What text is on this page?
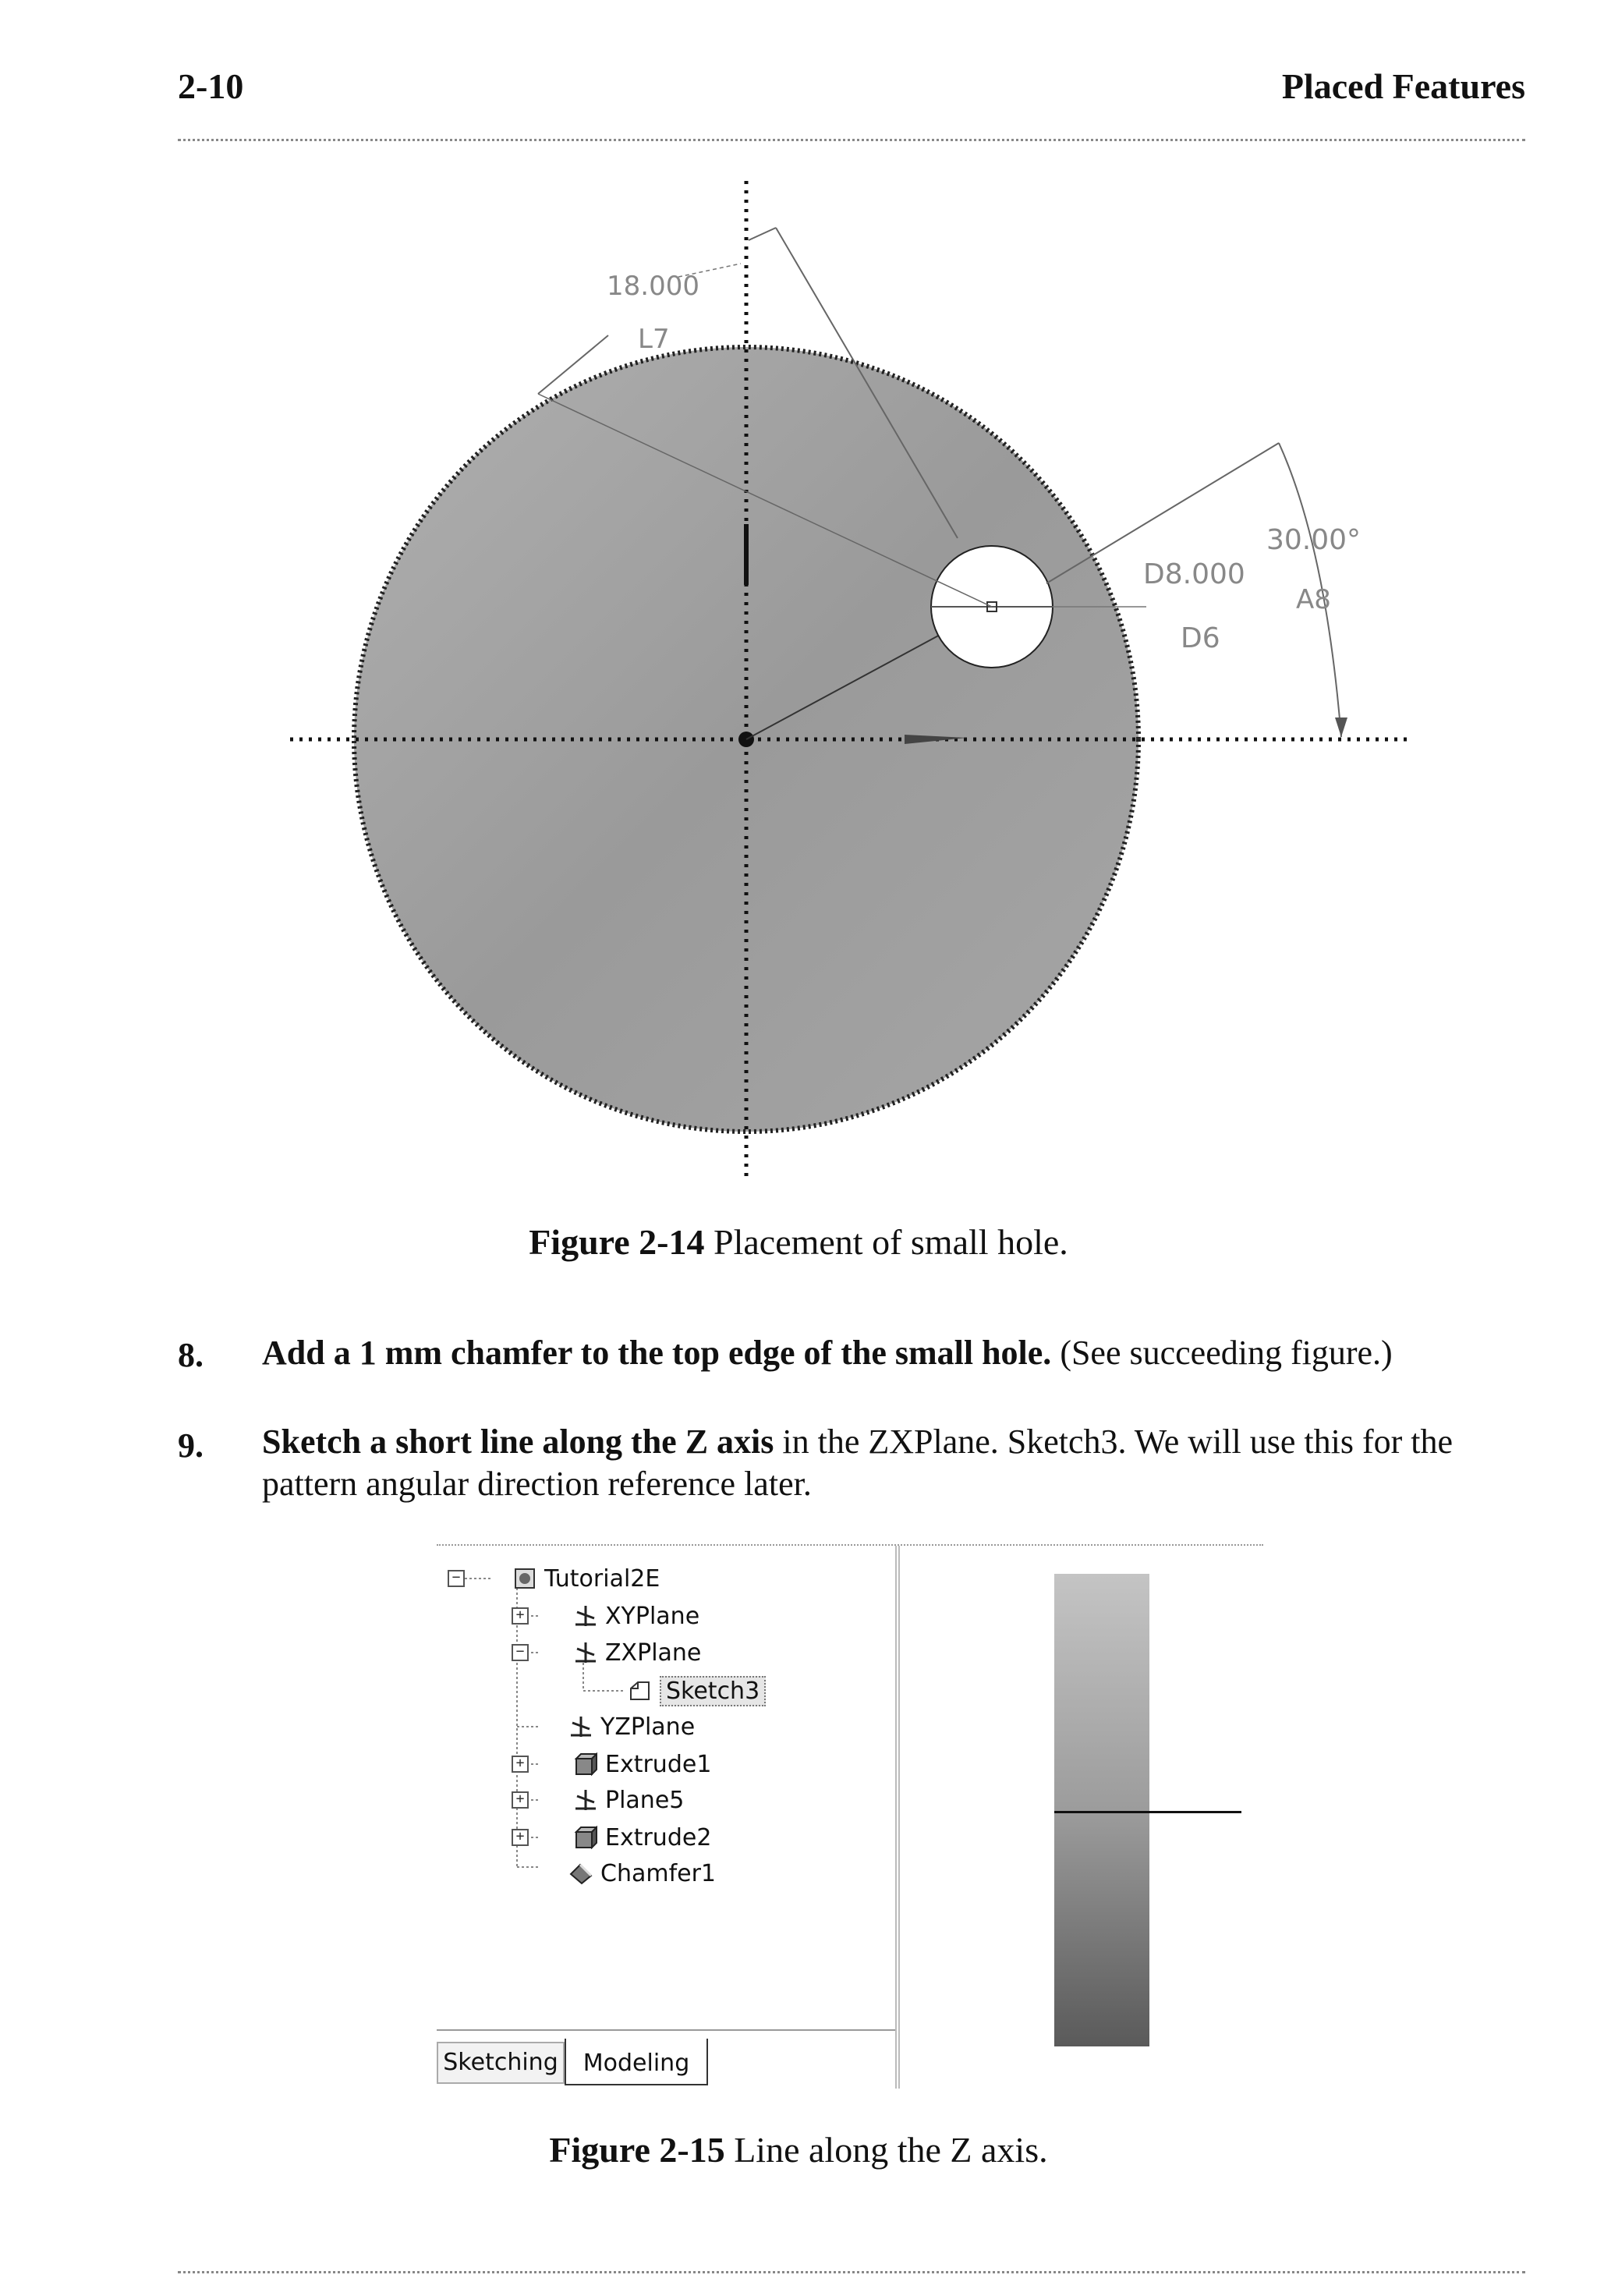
2-10	Placed Features
18.000
L7
D8.000
D6
30.00°
A8
Figure 2-14 Placement of small hole.
8. Add a 1 mm chamfer to the top edge of the small hole. (See succeeding figure.)
9. Sketch a short line along the Z axis in the ZXPlane. Sketch3. We will use this for the pattern angular direction reference later.
−	Tutorial2E
+	XYPlane
−	ZXPlane
Sketch3
YZPlane
+	Extrude1
+	Plane5
+	Extrude2
Chamfer1
Sketching	Modeling
Figure 2-15 Line along the Z axis.
